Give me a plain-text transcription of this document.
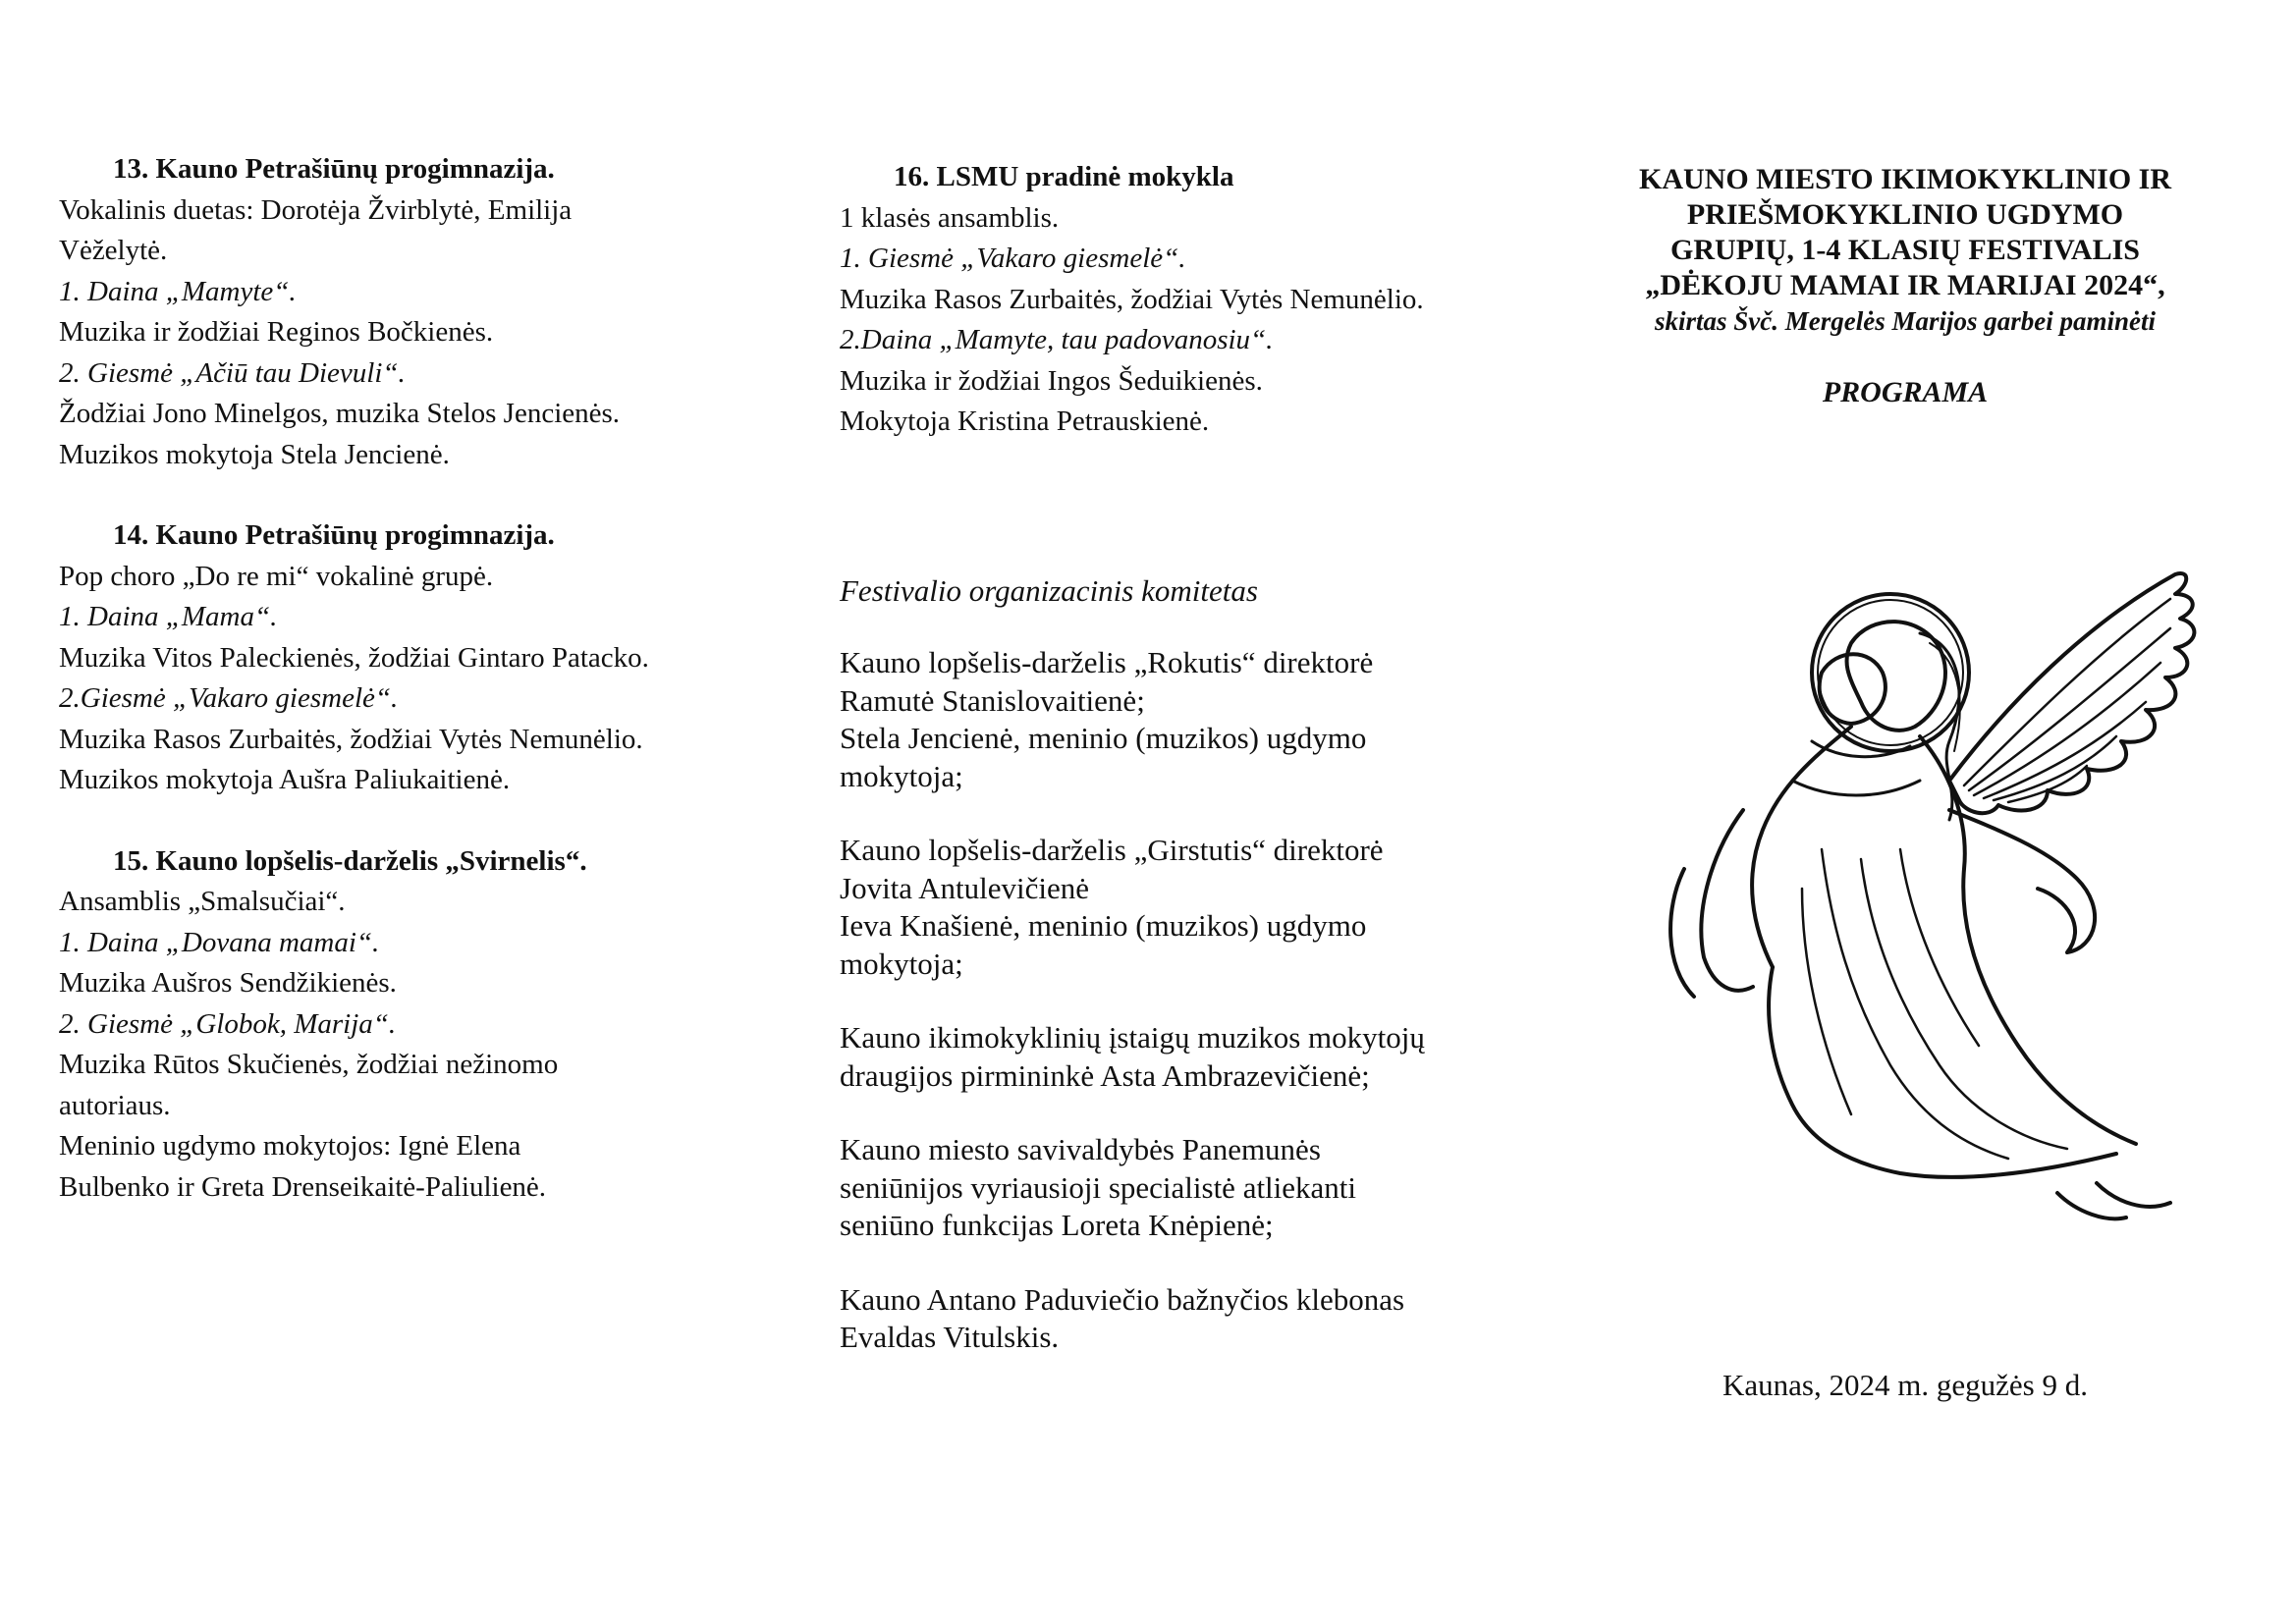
13. Kauno Petrašiūnų progimnazija.

Vokalinis duetas: Dorotėja Žvirblytė, Emilija

Vėželytė.

1. Daina „Mamyte“.

Muzika ir žodžiai Reginos Bočkienės.

2. Giesmė „Ačiū tau Dievuli“.

Žodžiai Jono Minelgos, muzika Stelos Jencienės.

Muzikos mokytoja Stela Jencienė.

14. Kauno Petrašiūnų progimnazija.

Pop choro „Do re mi“ vokalinė grupė.

1. Daina „Mama“.

Muzika Vitos Paleckienės, žodžiai Gintaro Patacko.

2.Giesmė „Vakaro giesmelė“.

Muzika Rasos Zurbaitės, žodžiai Vytės Nemunėlio.

Muzikos mokytoja Aušra Paliukaitienė.

15. Kauno lopšelis-darželis „Svirnelis“.

Ansamblis „Smalsučiai“.

1. Daina „Dovana mamai“.

Muzika Aušros Sendžikienės.

2. Giesmė „Globok, Marija“.

Muzika Rūtos Skučienės, žodžiai nežinomo

autoriaus.

Meninio ugdymo mokytojos: Ignė Elena

Bulbenko ir Greta Drenseikaitė-Paliulienė.

16. LSMU pradinė mokykla

1 klasės ansamblis.

1. Giesmė „Vakaro giesmelė“.

Muzika Rasos Zurbaitės, žodžiai Vytės Nemunėlio.

2.Daina „Mamyte, tau padovanosiu“.

Muzika ir žodžiai Ingos Šeduikienės.

Mokytoja Kristina Petrauskienė.

Festivalio organizacinis komitetas

Kauno lopšelis-darželis „Rokutis“ direktorė

Ramutė Stanislovaitienė;

Stela Jencienė, meninio (muzikos) ugdymo

mokytoja;

Kauno lopšelis-darželis „Girstutis“ direktorė

Jovita Antulevičienė

Ieva Knašienė, meninio (muzikos) ugdymo

mokytoja;

Kauno ikimokyklinių įstaigų muzikos mokytojų

draugijos pirmininkė Asta Ambrazevičienė;

Kauno miesto savivaldybės Panemunės

seniūnijos vyriausioji specialistė atliekanti

seniūno funkcijas Loreta Knėpienė;

Kauno Antano Paduviečio bažnyčios klebonas

Evaldas Vitulskis.

KAUNO MIESTO IKIMOKYKLINIO IR

PRIEŠMOKYKLINIO UGDYMO

GRUPIŲ, 1-4 KLASIŲ FESTIVALIS

„DĖKOJU MAMAI IR MARIJAI 2024“,

skirtas Švč. Mergelės Marijos garbei paminėti

PROGRAMA

Kaunas, 2024 m. gegužės 9 d.
